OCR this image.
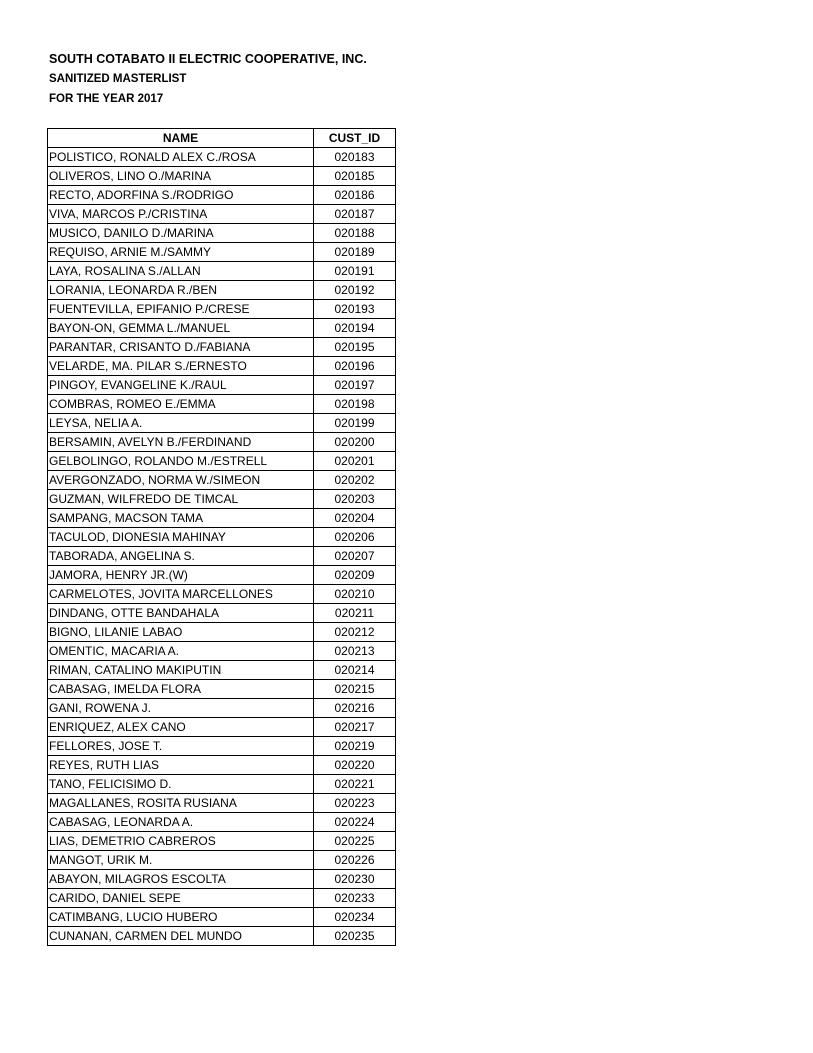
SOUTH COTABATO II ELECTRIC COOPERATIVE, INC.
SANITIZED MASTERLIST
FOR THE YEAR 2017
NAME	CUST_ID
POLISTICO, RONALD ALEX C./ROSA	020183
OLIVEROS, LINO O./MARINA	020185
RECTO, ADORFINA S./RODRIGO	020186
VIVA, MARCOS P./CRISTINA	020187
MUSICO, DANILO D./MARINA	020188
REQUISO, ARNIE M./SAMMY	020189
LAYA, ROSALINA S./ALLAN	020191
LORANIA, LEONARDA R./BEN	020192
FUENTEVILLA, EPIFANIO P./CRESE	020193
BAYON-ON, GEMMA L./MANUEL	020194
PARANTAR, CRISANTO D./FABIANA	020195
VELARDE, MA. PILAR S./ERNESTO	020196
PINGOY, EVANGELINE K./RAUL	020197
COMBRAS, ROMEO E./EMMA	020198
LEYSA, NELIA A.	020199
BERSAMIN, AVELYN B./FERDINAND	020200
GELBOLINGO, ROLANDO M./ESTRELL	020201
AVERGONZADO, NORMA W./SIMEON	020202
GUZMAN, WILFREDO DE TIMCAL	020203
SAMPANG, MACSON TAMA	020204
TACULOD, DIONESIA MAHINAY	020206
TABORADA, ANGELINA S.	020207
JAMORA, HENRY JR.(W)	020209
CARMELOTES, JOVITA MARCELLONES	020210
DINDANG, OTTE BANDAHALA	020211
BIGNO, LILANIE LABAO	020212
OMENTIC, MACARIA A.	020213
RIMAN, CATALINO MAKIPUTIN	020214
CABASAG, IMELDA FLORA	020215
GANI, ROWENA J.	020216
ENRIQUEZ, ALEX CANO	020217
FELLORES, JOSE T.	020219
REYES, RUTH LIAS	020220
TANO, FELICISIMO D.	020221
MAGALLANES, ROSITA RUSIANA	020223
CABASAG, LEONARDA A.	020224
LIAS, DEMETRIO CABREROS	020225
MANGOT, URIK M.	020226
ABAYON, MILAGROS ESCOLTA	020230
CARIDO, DANIEL SEPE	020233
CATIMBANG, LUCIO HUBERO	020234
CUNANAN, CARMEN DEL MUNDO	020235
